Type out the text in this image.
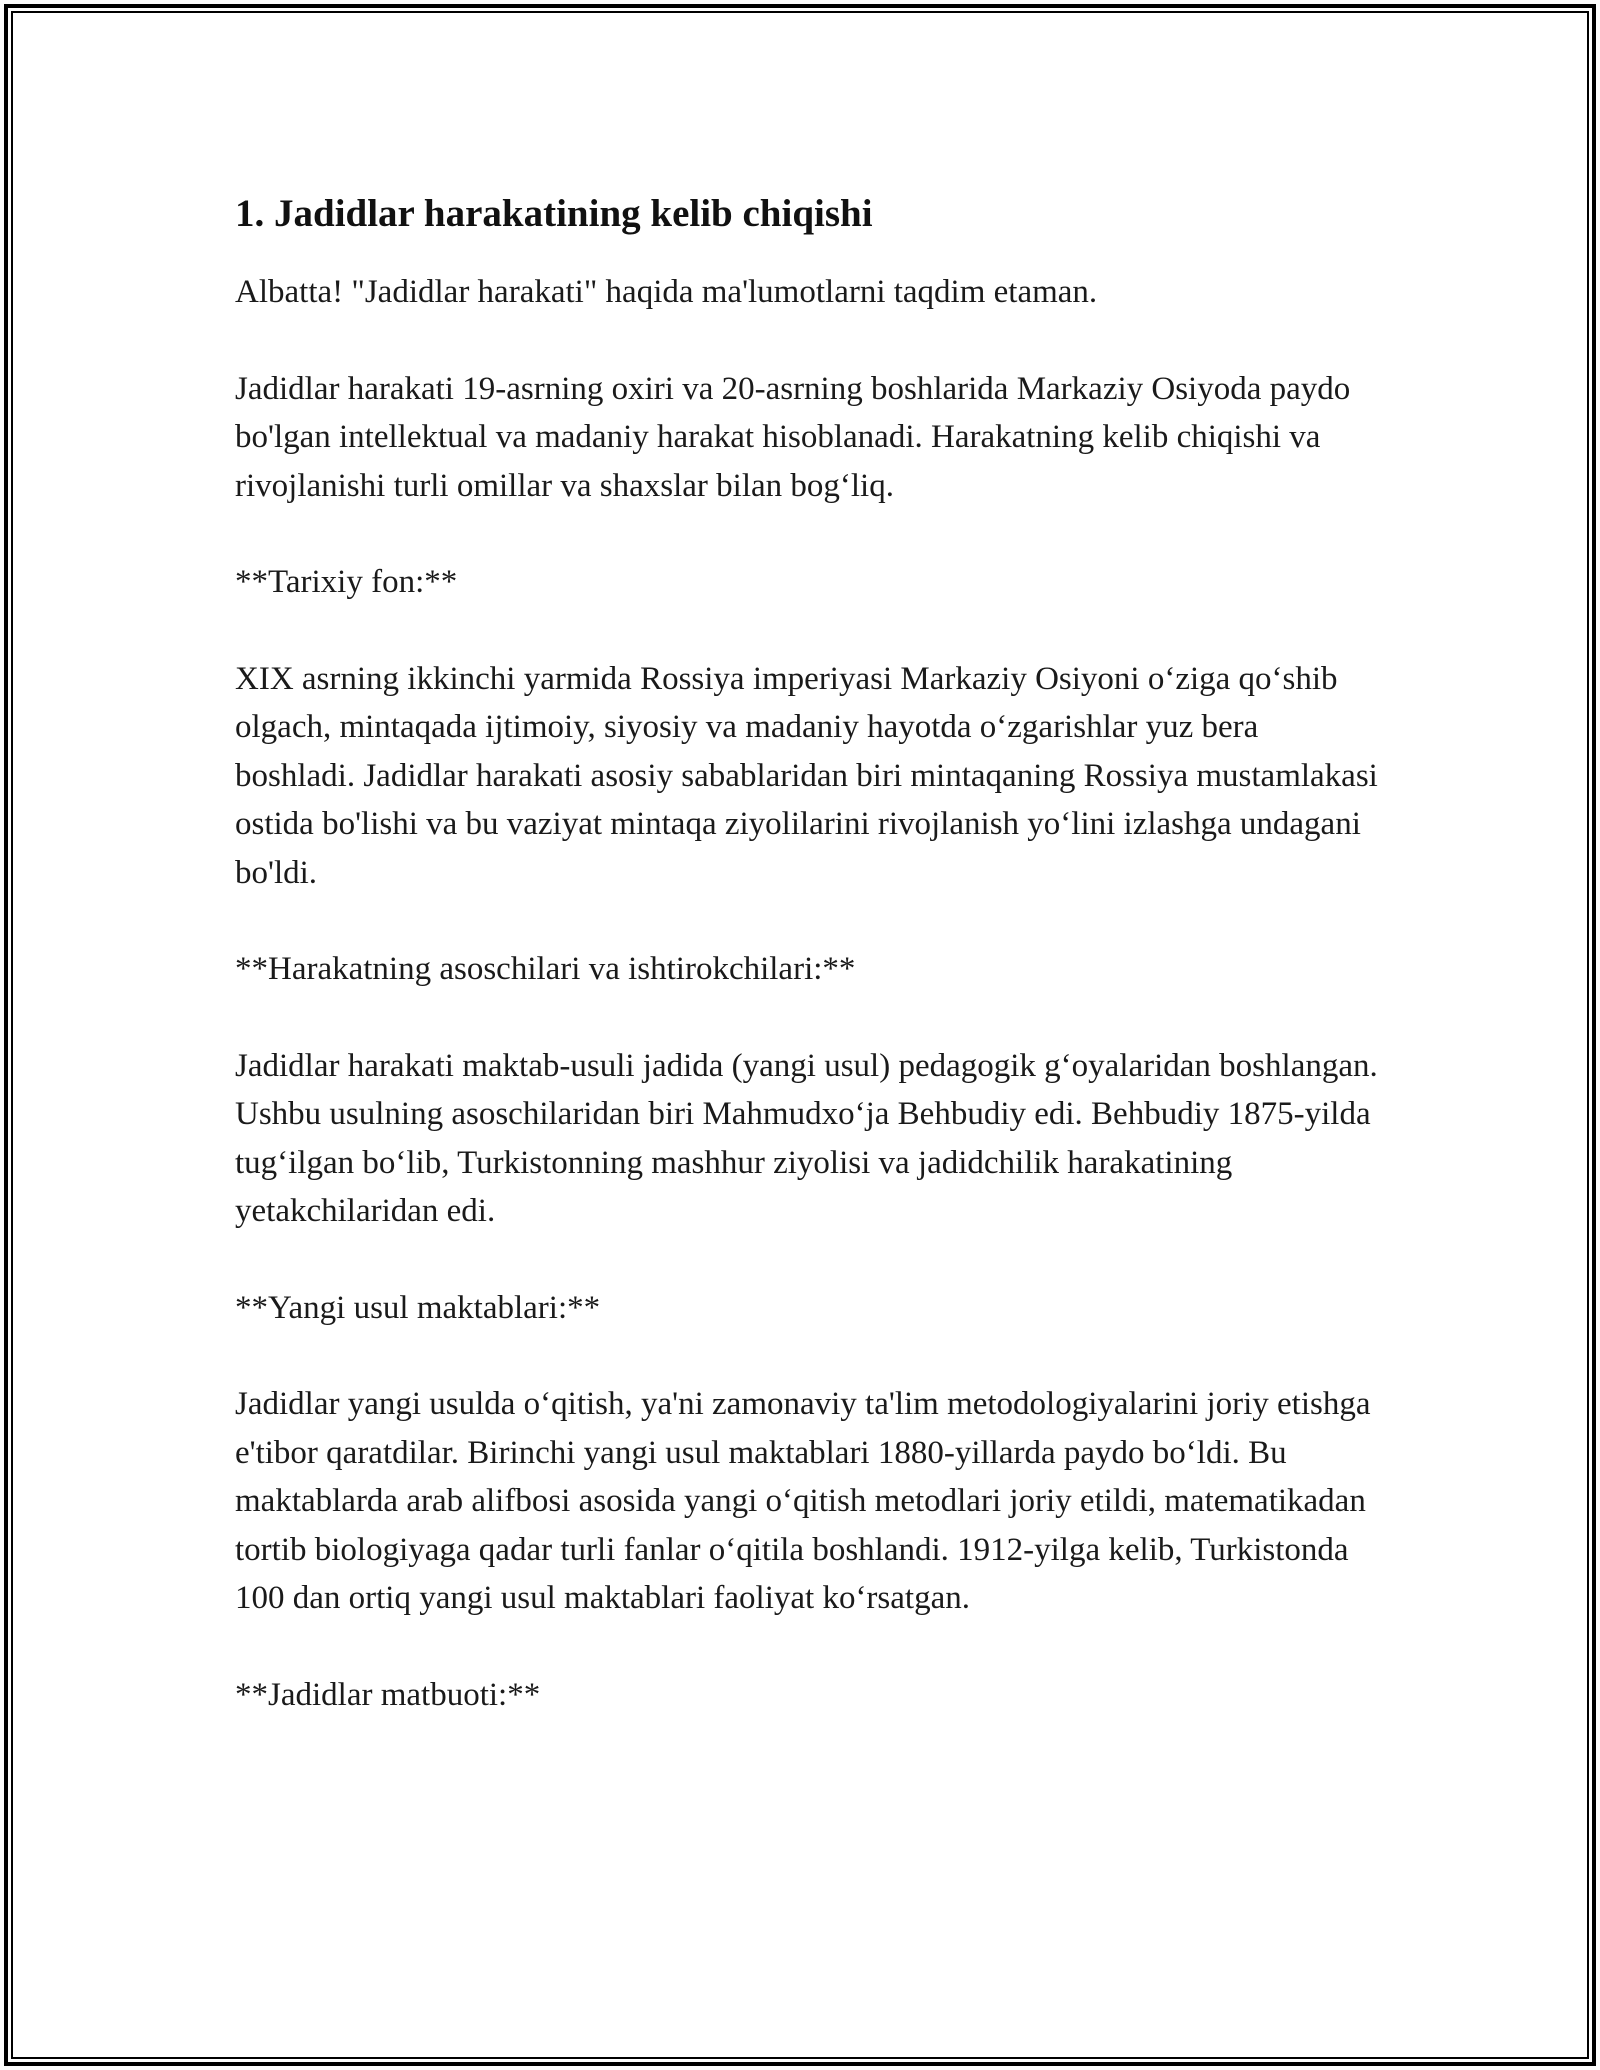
1. Jadidlar harakatining kelib chiqishi

Albatta! "Jadidlar harakati" haqida ma'lumotlarni taqdim etaman.

Jadidlar harakati 19-asrning oxiri va 20-asrning boshlarida Markaziy Osiyoda paydo bo'lgan intellektual va madaniy harakat hisoblanadi. Harakatning kelib chiqishi va rivojlanishi turli omillar va shaxslar bilan bog‘liq.

**Tarixiy fon:**

XIX asrning ikkinchi yarmida Rossiya imperiyasi Markaziy Osiyoni o‘ziga qo‘shib olgach, mintaqada ijtimoiy, siyosiy va madaniy hayotda o‘zgarishlar yuz bera boshladi. Jadidlar harakati asosiy sabablaridan biri mintaqaning Rossiya mustamlakasi ostida bo'lishi va bu vaziyat mintaqa ziyolilarini rivojlanish yo‘lini izlashga undagani bo'ldi.

**Harakatning asoschilari va ishtirokchilari:**

Jadidlar harakati maktab-usuli jadida (yangi usul) pedagogik g‘oyalaridan boshlangan. Ushbu usulning asoschilaridan biri Mahmudxo‘ja Behbudiy edi. Behbudiy 1875-yilda tug‘ilgan bo‘lib, Turkistonning mashhur ziyolisi va jadidchilik harakatining yetakchilaridan edi.

**Yangi usul maktablari:**

Jadidlar yangi usulda o‘qitish, ya'ni zamonaviy ta'lim metodologiyalarini joriy etishga e'tibor qaratdilar. Birinchi yangi usul maktablari 1880-yillarda paydo bo‘ldi. Bu maktablarda arab alifbosi asosida yangi o‘qitish metodlari joriy etildi, matematikadan tortib biologiyaga qadar turli fanlar o‘qitila boshlandi. 1912-yilga kelib, Turkistonda 100 dan ortiq yangi usul maktablari faoliyat ko‘rsatgan.

**Jadidlar matbuoti:**
